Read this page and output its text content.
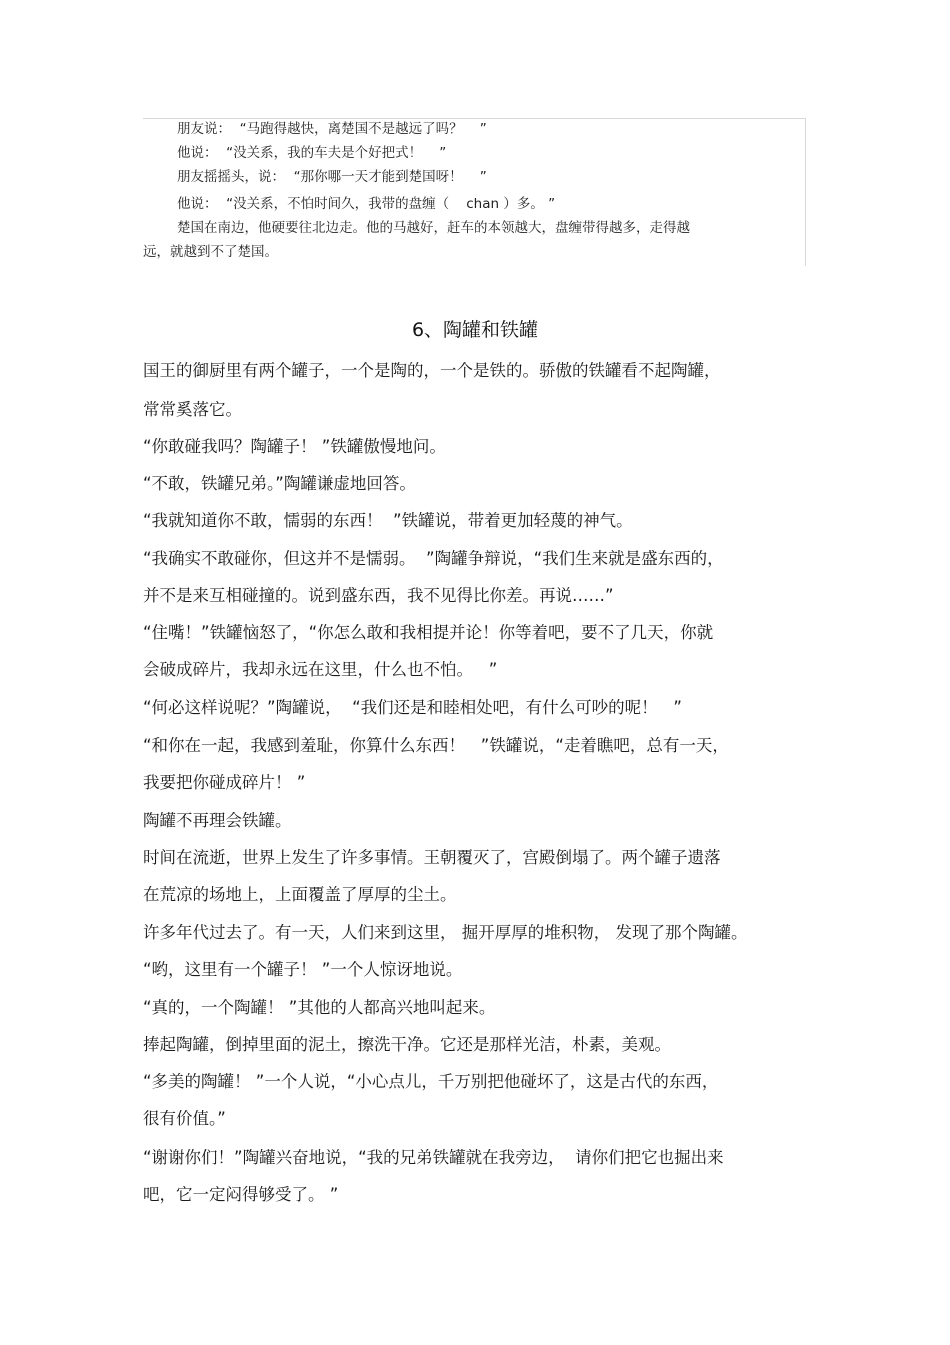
朋友说：  “马跑得越快，离楚国不是越远了吗？    ”
他说：  “没关系，我的车夫是个好把式！    ”
朋友摇摇头，说：  “那你哪一天才能到楚国呀！    ”
他说：  “没关系，不怕时间久，我带的盘缠（    chan ）多。 ”
楚国在南边，他硬要往北边走。他的马越好，赶车的本领越大，盘缠带得越多，走得越
远，就越到不了楚国。
6、陶罐和铁罐
国王的御厨里有两个罐子，一个是陶的，一个是铁的。骄傲的铁罐看不起陶罐，
常常奚落它。
“你敢碰我吗？陶罐子！ ”铁罐傲慢地问。
“不敢，铁罐兄弟。”陶罐谦虚地回答。
“我就知道你不敢，懦弱的东西！  ”铁罐说，带着更加轻蔑的神气。
“我确实不敢碰你，但这并不是懦弱。  ”陶罐争辩说，“我们生来就是盛东西的，
并不是来互相碰撞的。说到盛东西，我不见得比你差。再说……”
“住嘴！”铁罐恼怒了，“你怎么敢和我相提并论！你等着吧，要不了几天，你就
会破成碎片，我却永远在这里，什么也不怕。   ”
“何必这样说呢？”陶罐说，  “我们还是和睦相处吧，有什么可吵的呢！   ”
“和你在一起，我感到羞耻，你算什么东西！   ”铁罐说，“走着瞧吧，总有一天，
我要把你碰成碎片！ ”
陶罐不再理会铁罐。
时间在流逝，世界上发生了许多事情。王朝覆灭了，宫殿倒塌了。两个罐子遗落
在荒凉的场地上，上面覆盖了厚厚的尘土。
许多年代过去了。有一天，人们来到这里， 掘开厚厚的堆积物， 发现了那个陶罐。
“哟，这里有一个罐子！ ”一个人惊讶地说。
“真的，一个陶罐！ ”其他的人都高兴地叫起来。
捧起陶罐，倒掉里面的泥土，擦洗干净。它还是那样光洁，朴素，美观。
“多美的陶罐！ ”一个人说，“小心点儿，千万别把他碰坏了，这是古代的东西，
很有价值。”
“谢谢你们！”陶罐兴奋地说，“我的兄弟铁罐就在我旁边，  请你们把它也掘出来
吧，它一定闷得够受了。 ”
